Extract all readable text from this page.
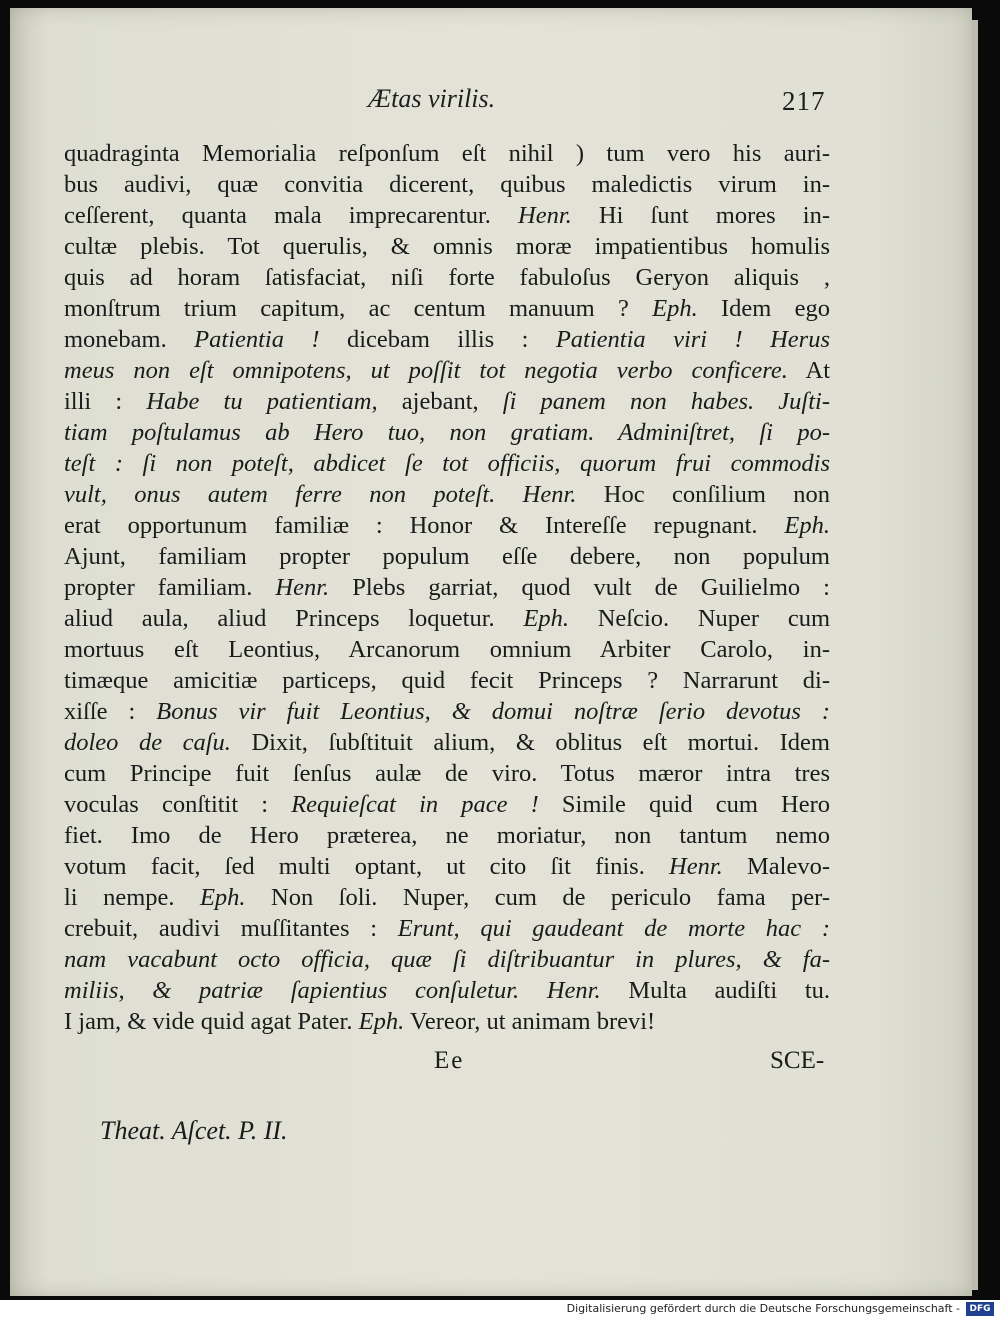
Ætas virilis.	217
quadraginta Memorialia reſponſum eſt nihil ) tum vero his auri-
bus audivi, quæ convitia dicerent, quibus maledictis virum in-
ceſſerent, quanta mala imprecarentur. Henr. Hi ſunt mores in-
cultæ plebis. Tot querulis, & omnis moræ impatientibus homulis
quis ad horam ſatisfaciat, niſi forte fabuloſus Geryon aliquis ,
monſtrum trium capitum, ac centum manuum ? Eph. Idem ego
monebam. Patientia ! dicebam illis : Patientia viri ! Herus
meus non eſt omnipotens, ut poſſit tot negotia verbo conficere. At
illi : Habe tu patientiam, ajebant, ſi panem non habes. Juſti-
tiam poſtulamus ab Hero tuo, non gratiam. Adminiſtret, ſi po-
teſt : ſi non poteſt, abdicet ſe tot officiis, quorum frui commodis
vult, onus autem ferre non poteſt. Henr. Hoc conſilium non
erat opportunum familiæ : Honor & Intereſſe repugnant. Eph.
Ajunt, familiam propter populum eſſe debere, non populum
propter familiam. Henr. Plebs garriat, quod vult de Guilielmo :
aliud aula, aliud Princeps loquetur. Eph. Neſcio. Nuper cum
mortuus eſt Leontius, Arcanorum omnium Arbiter Carolo, in-
timæque amicitiæ particeps, quid fecit Princeps ? Narrarunt di-
xiſſe : Bonus vir fuit Leontius, & domui noſtræ ſerio devotus :
doleo de caſu. Dixit, ſubſtituit alium, & oblitus eſt mortui. Idem
cum Principe fuit ſenſus aulæ de viro. Totus mæror intra tres
voculas conſtitit : Requieſcat in pace ! Simile quid cum Hero
fiet. Imo de Hero præterea, ne moriatur, non tantum nemo
votum facit, ſed multi optant, ut cito ſit finis. Henr. Malevo-
li nempe. Eph. Non ſoli. Nuper, cum de periculo fama per-
crebuit, audivi muſſitantes : Erunt, qui gaudeant de morte hac :
nam vacabunt octo officia, quæ ſi diſtribuantur in plures, & fa-
miliis, & patriæ ſapientius conſuletur. Henr. Multa audiſti tu.
I jam, & vide quid agat Pater. Eph. Vereor, ut animam brevi!
Ee	SCE-
Theat. Aſcet. P. II.
Digitalisierung gefördert durch die Deutsche Forschungsgemeinschaft -	DFG
